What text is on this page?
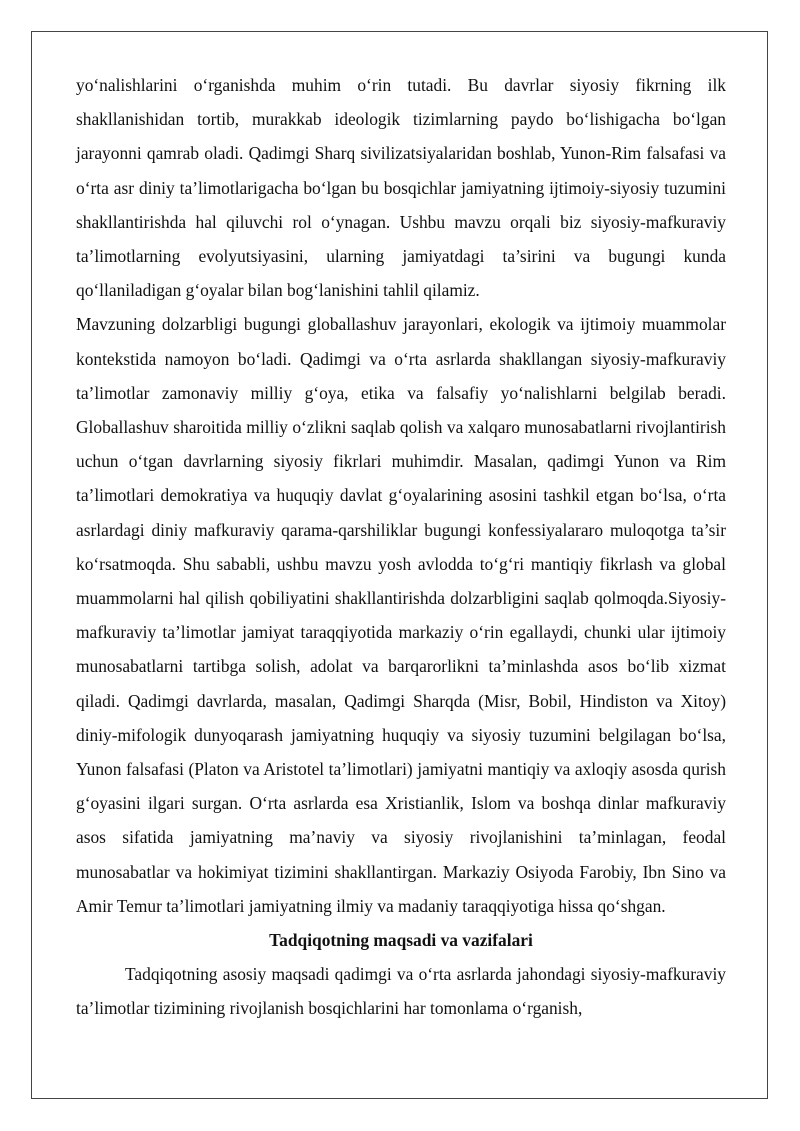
yo‘nalishlarini o‘rganishda muhim o‘rin tutadi. Bu davrlar siyosiy fikrning ilk shakllanishidan tortib, murakkab ideologik tizimlarning paydo bo‘lishigacha bo‘lgan jarayonni qamrab oladi. Qadimgi Sharq sivilizatsiyalaridan boshlab, Yunon-Rim falsafasi va o‘rta asr diniy ta’limotlarigacha bo‘lgan bu bosqichlar jamiyatning ijtimoiy-siyosiy tuzumini shakllantirishda hal qiluvchi rol o‘ynagan. Ushbu mavzu orqali biz siyosiy-mafkuraviy ta’limotlarning evolyutsiyasini, ularning jamiyatdagi ta’sirini va bugungi kunda qo‘llaniladigan g‘oyalar bilan bog‘lanishini tahlil qilamiz.

Mavzuning dolzarbligi bugungi globallashuv jarayonlari, ekologik va ijtimoiy muammolar kontekstida namoyon bo‘ladi. Qadimgi va o‘rta asrlarda shakllangan siyosiy-mafkuraviy ta’limotlar zamonaviy milliy g‘oya, etika va falsafiy yo‘nalishlarni belgilab beradi. Globallashuv sharoitida milliy o‘zlikni saqlab qolish va xalqaro munosabatlarni rivojlantirish uchun o‘tgan davrlarning siyosiy fikrlari muhimdir. Masalan, qadimgi Yunon va Rim ta’limotlari demokratiya va huquqiy davlat g‘oyalarining asosini tashkil etgan bo‘lsa, o‘rta asrlardagi diniy mafkuraviy qarama-qarshiliklar bugungi konfessiyalararo muloqotga ta’sir ko‘rsatmoqda. Shu sababli, ushbu mavzu yosh avlodda to‘g‘ri mantiqiy fikrlash va global muammolarni hal qilish qobiliyatini shakllantirishda dolzarbligini saqlab qolmoqda.Siyosiy-mafkuraviy ta’limotlar jamiyat taraqqiyotida markaziy o‘rin egallaydi, chunki ular ijtimoiy munosabatlarni tartibga solish, adolat va barqarorlikni ta’minlashda asos bo‘lib xizmat qiladi. Qadimgi davrlarda, masalan, Qadimgi Sharqda (Misr, Bobil, Hindiston va Xitoy) diniy-mifologik dunyoqarash jamiyatning huquqiy va siyosiy tuzumini belgilagan bo‘lsa, Yunon falsafasi (Platon va Aristotel ta’limotlari) jamiyatni mantiqiy va axloqiy asosda qurish g‘oyasini ilgari surgan. O‘rta asrlarda esa Xristianlik, Islom va boshqa dinlar mafkuraviy asos sifatida jamiyatning ma’naviy va siyosiy rivojlanishini ta’minlagan, feodal munosabatlar va hokimiyat tizimini shakllantirgan. Markaziy Osiyoda Farobiy, Ibn Sino va Amir Temur ta’limotlari jamiyatning ilmiy va madaniy taraqqiyotiga hissa qo‘shgan.

Tadqiqotning maqsadi va vazifalari

Tadqiqotning asosiy maqsadi qadimgi va o‘rta asrlarda jahondagi siyosiy-mafkuraviy ta’limotlar tizimining rivojlanish bosqichlarini har tomonlama o‘rganish,
